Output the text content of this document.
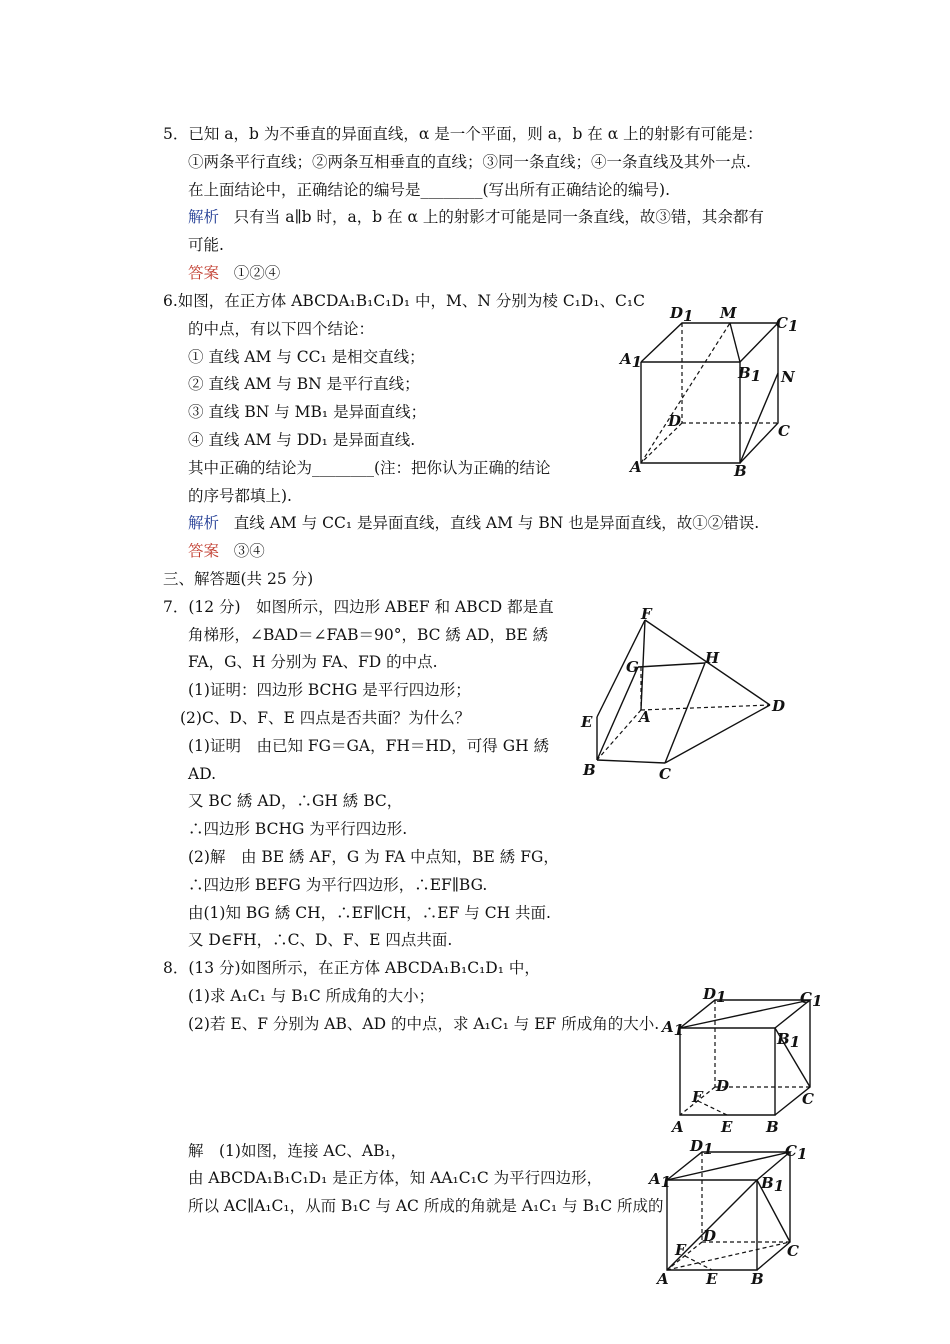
5．已知 a，b 为不垂直的异面直线，α 是一个平面，则 a，b 在 α 上的射影有可能是：
①两条平行直线；②两条互相垂直的直线；③同一条直线；④一条直线及其外一点.
在上面结论中，正确结论的编号是________(写出所有正确结论的编号).
解析 只有当 a∥b 时，a，b 在 α 上的射影才可能是同一条直线，故③错，其余都有
可能.
答案 ①②④
6.如图，在正方体 ABCDA₁B₁C₁D₁ 中，M、N 分别为棱 C₁D₁、C₁C
的中点，有以下四个结论：
① 直线 AM 与 CC₁ 是相交直线；
② 直线 AM 与 BN 是平行直线；
③ 直线 BN 与 MB₁ 是异面直线；
④ 直线 AM 与 DD₁ 是异面直线.
其中正确的结论为________(注：把你认为正确的结论
的序号都填上).
解析 直线 AM 与 CC₁ 是异面直线，直线 AM 与 BN 也是异面直线，故①②错误.
答案 ③④
D1 M
C1
A1
B1 N
D
C
A	B
三、解答题(共 25 分)
7．(12 分)　如图所示，四边形 ABEF 和 ABCD 都是直
角梯形，∠BAD＝∠FAB＝90°，BC 綉 AD，BE 綉
FA，G、H 分别为 FA、FD 的中点.
(1)证明：四边形 BCHG 是平行四边形；
(2)C、D、F、E 四点是否共面？为什么？
(1)证明　由已知 FG＝GA，FH＝HD，可得 GH 綉
AD.
又 BC 綉 AD，∴GH 綉 BC，
∴四边形 BCHG 为平行四边形.
(2)解　由 BE 綉 AF，G 为 FA 中点知，BE 綉 FG，
∴四边形 BEFG 为平行四边形，∴EF∥BG.
由(1)知 BG 綉 CH，∴EF∥CH，∴EF 与 CH 共面.
又 D∈FH，∴C、D、F、E 四点共面.
F
G	H
E	A
D
B	C
8．(13 分)如图所示，在正方体 ABCDA₁B₁C₁D₁ 中，
(1)求 A₁C₁ 与 B₁C 所成角的大小；
(2)若 E、F 分别为 AB、AD 的中点，求 A₁C₁ 与 EF 所成角的大小.
解　(1)如图，连接 AC、AB₁，
由 ABCDA₁B₁C₁D₁ 是正方体，知 AA₁C₁C 为平行四边形，
所以 AC∥A₁C₁，从而 B₁C 与 AC 所成的角就是 A₁C₁ 与 B₁C 所成的
D1	C1
A1	B1
D
C
F
A E B
D1	C1
A1	B1
D
C
F
A E B
